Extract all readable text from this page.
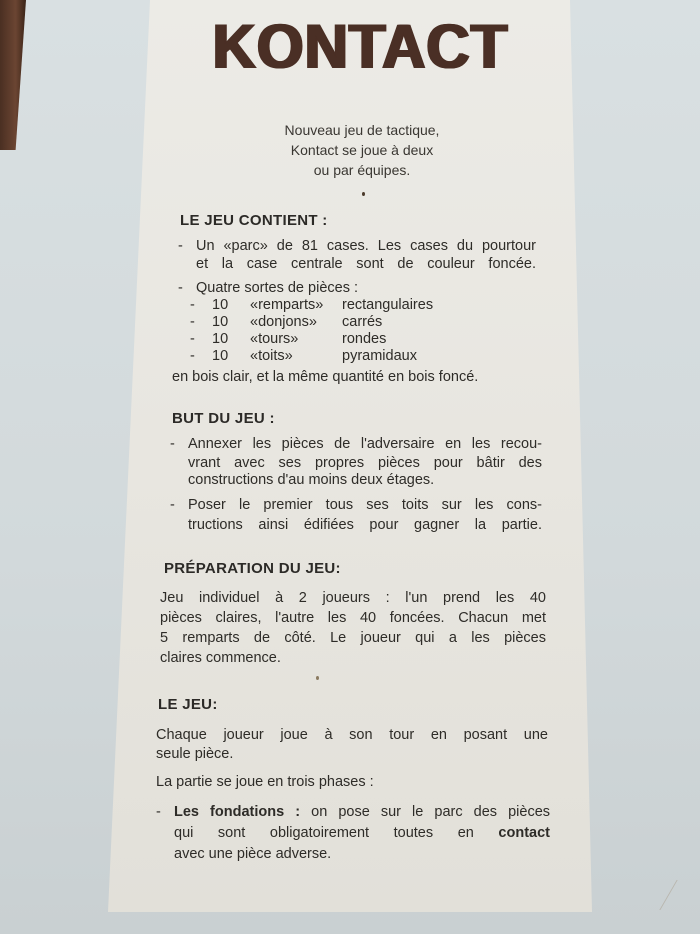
KONTACT
Nouveau jeu de tactique,
Kontact se joue à deux
ou par équipes.
LE JEU CONTIENT :
- Un «parc» de 81 cases. Les cases du pourtour
et la case centrale sont de couleur foncée.
- Quatre sortes de pièces :
- 10 «remparts» rectangulaires
- 10 «donjons» carrés
- 10 «tours»	rondes
- 10 «toits»	pyramidaux
en bois clair, et la même quantité en bois foncé.
BUT DU JEU :
- Annexer les pièces de l'adversaire en les recou-
vrant avec ses propres pièces pour bâtir des
constructions d'au moins deux étages.
- Poser le premier tous ses toits sur les cons-
tructions ainsi édifiées pour gagner la partie.
PRÉPARATION DU JEU:
Jeu individuel à 2 joueurs : l'un prend les 40
pièces claires, l'autre les 40 foncées. Chacun met
5 remparts de côté. Le joueur qui a les pièces
claires commence.
LE JEU:
Chaque joueur joue à son tour en posant une
seule pièce.
La partie se joue en trois phases :
- Les fondations : on pose sur le parc des pièces
qui sont obligatoirement toutes en contact
avec une pièce adverse.
